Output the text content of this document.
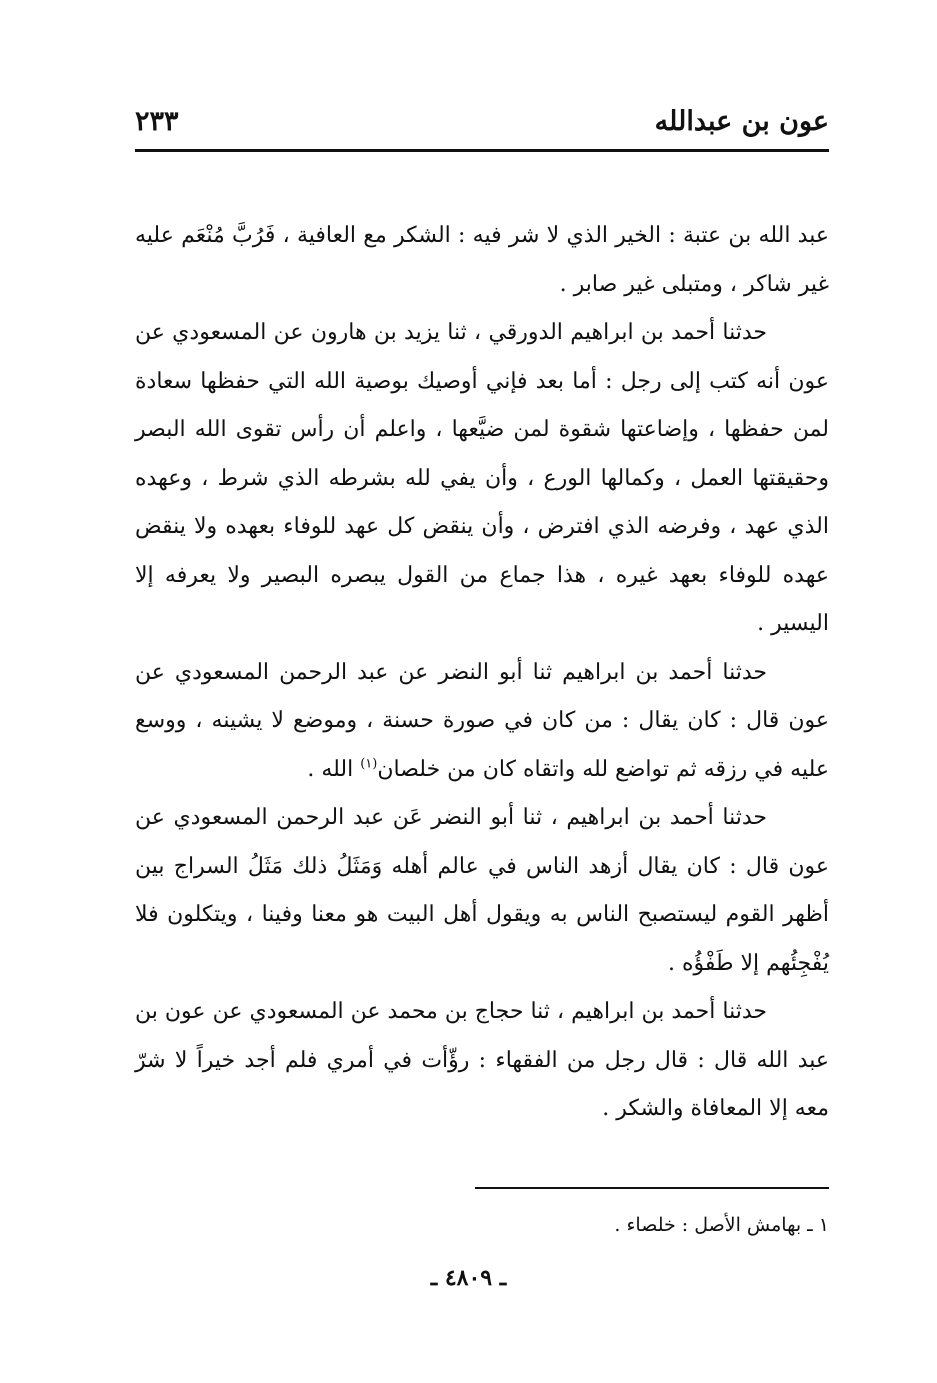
عون بن عبدالله
٢٣٣

عبد الله بن عتبة : الخير الذي لا شر فيه : الشكر مع العافية ، فَرُبَّ مُنْعَم عليه غير شاكر ، ومتبلى غير صابر .

حدثنا أحمد بن ابراهيم الدورقي ، ثنا يزيد بن هارون عن المسعودي عن عون أنه كتب إلى رجل : أما بعد فإني أوصيك بوصية الله التي حفظها سعادة لمن حفظها ، وإضاعتها شقوة لمن ضيَّعها ، واعلم أن رأس تقوى الله البصر وحقيقتها العمل ، وكمالها الورع ، وأن يفي لله بشرطه الذي شرط ، وعهده الذي عهد ، وفرضه الذي افترض ، وأن ينقض كل عهد للوفاء بعهده ولا ينقض عهده للوفاء بعهد غيره ، هذا جماع من القول يبصره البصير ولا يعرفه إلا اليسير .

حدثنا أحمد بن ابراهيم ثنا أبو النضر عن عبد الرحمن المسعودي عن عون قال : كان يقال : من كان في صورة حسنة ، وموضع لا يشينه ، ووسع عليه في رزقه ثم تواضع لله واتقاه كان من خلصان$^{(١)}$ الله .

حدثنا أحمد بن ابراهيم ، ثنا أبو النضر عَن عبد الرحمن المسعودي عن عون قال : كان يقال أزهد الناس في عالم أهله وَمَثَلُ ذلك مَثَلُ السراج بين أظهر القوم ليستصبح الناس به ويقول أهل البيت هو معنا وفينا ، ويتكلون فلا يُفْجِئُهم إلا طَفْؤُه .

حدثنا أحمد بن ابراهيم ، ثنا حجاج بن محمد عن المسعودي عن عون بن عبد الله قال : قال رجل من الفقهاء : رؤّأت في أمري فلم أجد خيراً لا شرّ معه إلا المعافاة والشكر .

١ ـ بهامش الأصل : خلصاء .
ـ ٤٨٠٩ ـ
